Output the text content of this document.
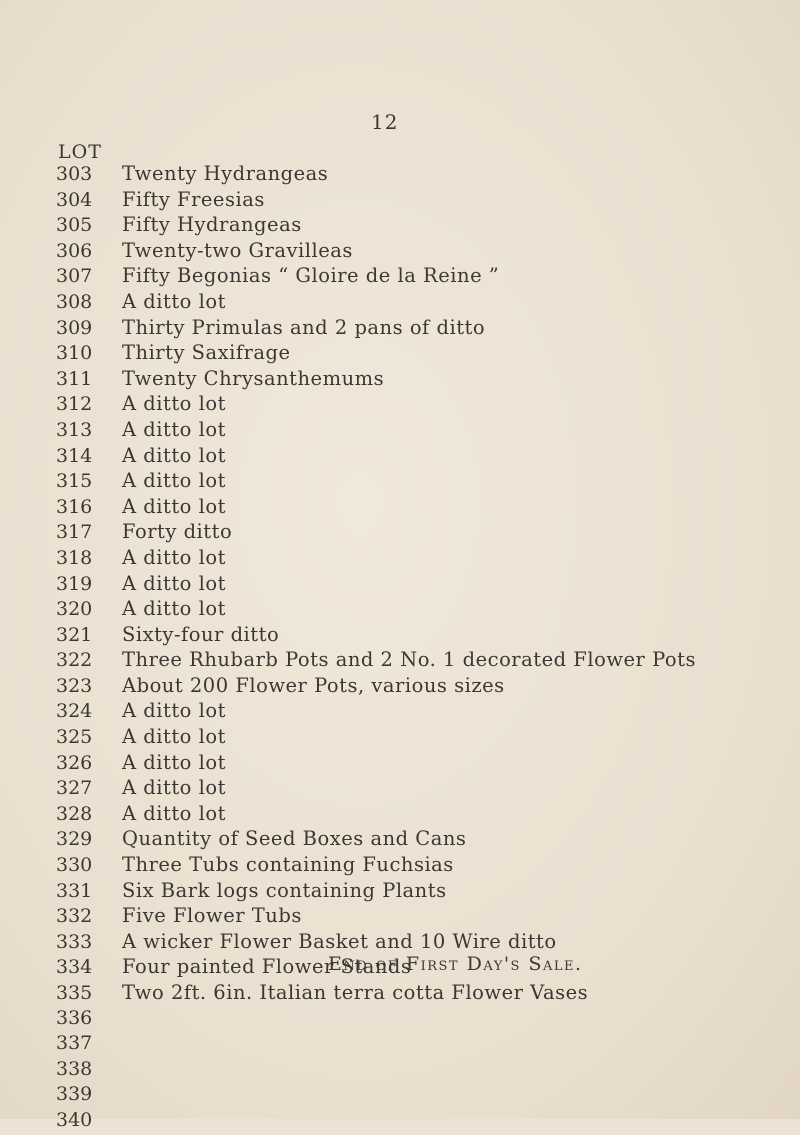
12
LOT
303	Twenty Hydrangeas
304	Fifty Freesias
305	Fifty Hydrangeas
306	Twenty-two Gravilleas
307	Fifty Begonias “ Gloire de la Reine ”
308	A ditto lot
309	Thirty Primulas and 2 pans of ditto
310	Thirty Saxifrage
311	Twenty Chrysanthemums
312	A ditto lot
313	A ditto lot
314	A ditto lot
315	A ditto lot
316	A ditto lot
317	Forty ditto
318	A ditto lot
319	A ditto lot
320	A ditto lot
321	Sixty-four ditto
322	Three Rhubarb Pots and 2 No. 1 decorated Flower Pots
323	About 200 Flower Pots, various sizes
324	A ditto lot
325	A ditto lot
326	A ditto lot
327	A ditto lot
328	A ditto lot
329	Quantity of Seed Boxes and Cans
330	Three Tubs containing Fuchsias
331	Six Bark logs containing Plants
332	Five Flower Tubs
333	A wicker Flower Basket and 10 Wire ditto
334	Four painted Flower Stands
335	Two 2ft. 6in. Italian terra cotta Flower Vases
336
337
338
339
340
End of First Day's Sale.
